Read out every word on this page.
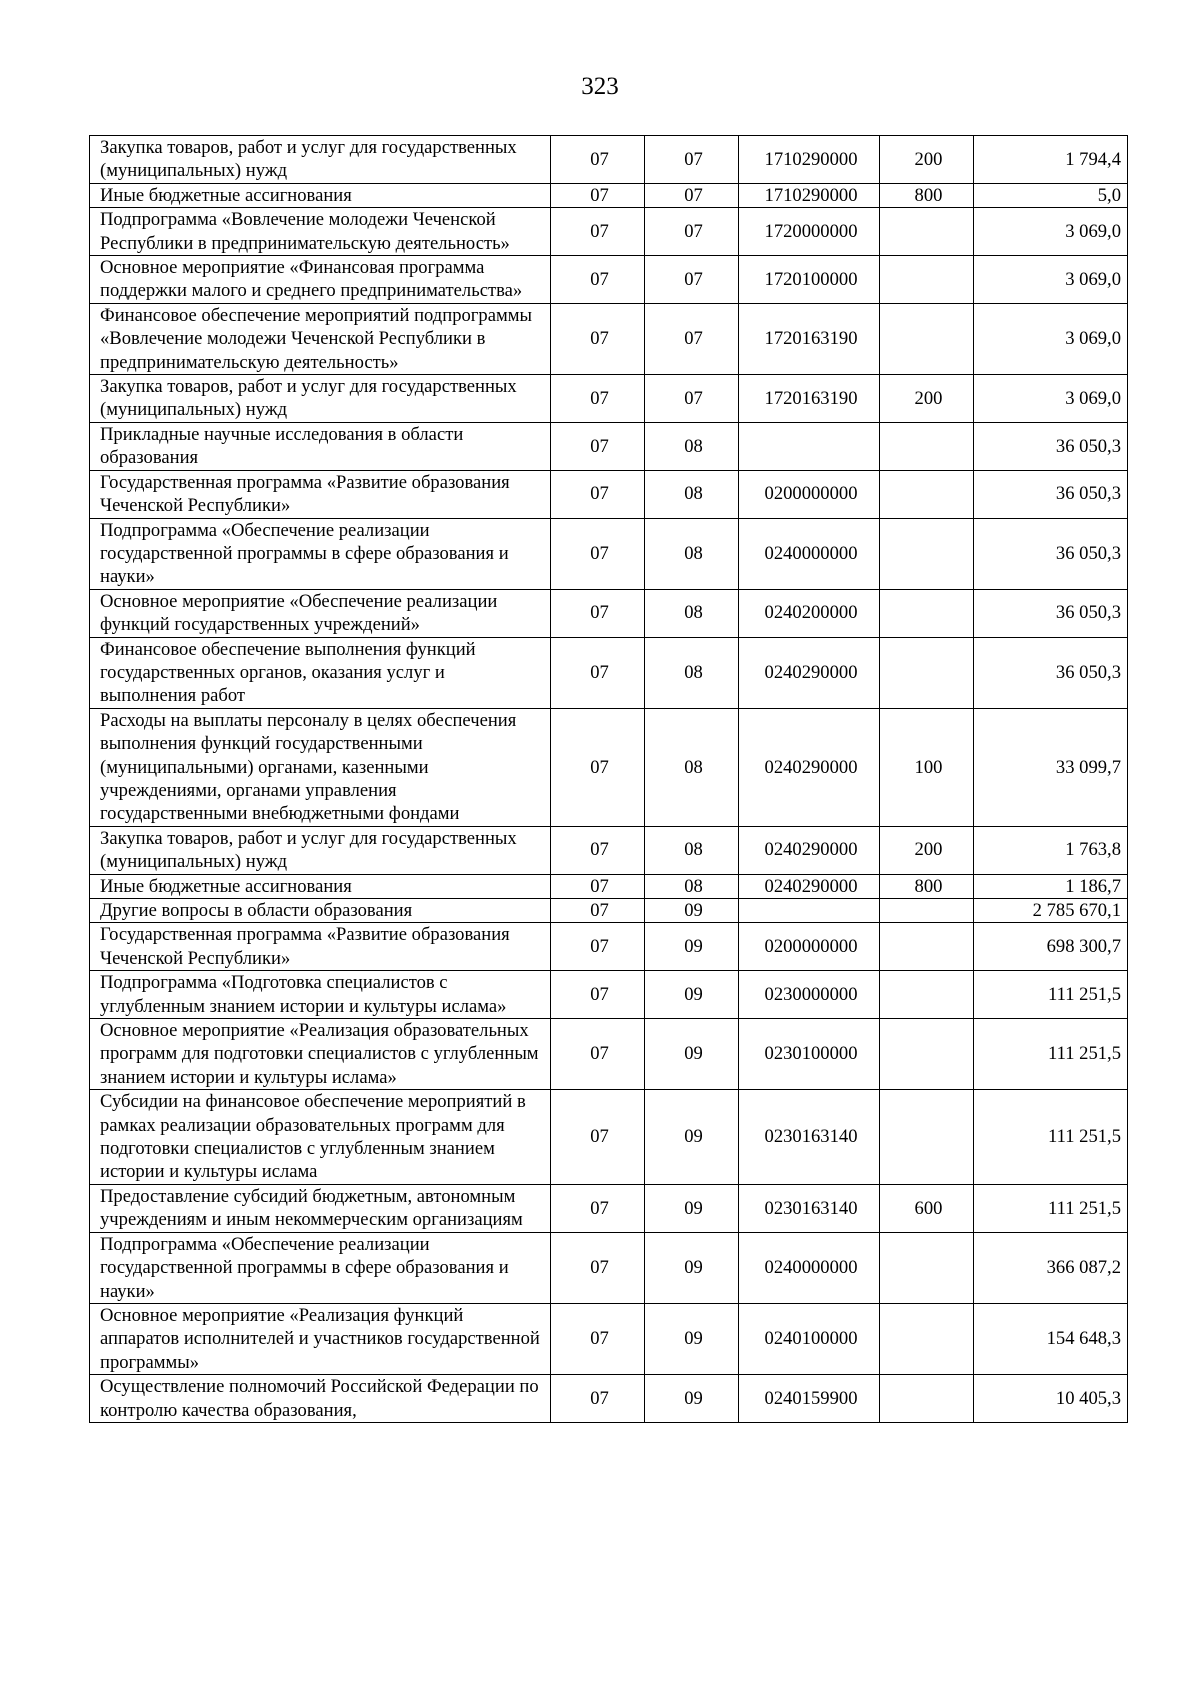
323
Закупка товаров, работ и услуг для государственных (муниципальных) нужд	07	07	1710290000	200	1 794,4
Иные бюджетные ассигнования	07	07	1710290000	800	5,0
Подпрограмма «Вовлечение молодежи Чеченской Республики в предпринимательскую деятельность»	07	07	1720000000		3 069,0
Основное мероприятие «Финансовая программа поддержки малого и среднего предпринимательства»	07	07	1720100000		3 069,0
Финансовое обеспечение мероприятий подпрограммы «Вовлечение молодежи Чеченской Республики в предпринимательскую деятельность»	07	07	1720163190		3 069,0
Закупка товаров, работ и услуг для государственных (муниципальных) нужд	07	07	1720163190	200	3 069,0
Прикладные научные исследования в области образования	07	08			36 050,3
Государственная программа «Развитие образования Чеченской Республики»	07	08	0200000000		36 050,3
Подпрограмма «Обеспечение реализации государственной программы в сфере образования и науки»	07	08	0240000000		36 050,3
Основное мероприятие «Обеспечение реализации функций государственных учреждений»	07	08	0240200000		36 050,3
Финансовое обеспечение выполнения функций государственных органов, оказания услуг и выполнения работ	07	08	0240290000		36 050,3
Расходы на выплаты персоналу в целях обеспечения выполнения функций государственными (муниципальными) органами, казенными учреждениями, органами управления государственными внебюджетными фондами	07	08	0240290000	100	33 099,7
Закупка товаров, работ и услуг для государственных (муниципальных) нужд	07	08	0240290000	200	1 763,8
Иные бюджетные ассигнования	07	08	0240290000	800	1 186,7
Другие вопросы в области образования	07	09			2 785 670,1
Государственная программа «Развитие образования Чеченской Республики»	07	09	0200000000		698 300,7
Подпрограмма «Подготовка специалистов с углубленным знанием истории и культуры ислама»	07	09	0230000000		111 251,5
Основное мероприятие «Реализация образовательных программ для подготовки специалистов с углубленным знанием истории и культуры ислама»	07	09	0230100000		111 251,5
Субсидии на финансовое обеспечение мероприятий в рамках реализации образовательных программ для подготовки специалистов с углубленным знанием истории и культуры ислама	07	09	0230163140		111 251,5
Предоставление субсидий бюджетным, автономным учреждениям и иным некоммерческим организациям	07	09	0230163140	600	111 251,5
Подпрограмма «Обеспечение реализации государственной программы в сфере образования и науки»	07	09	0240000000		366 087,2
Основное мероприятие «Реализация функций аппаратов исполнителей и участников государственной программы»	07	09	0240100000		154 648,3
Осуществление полномочий Российской Федерации по контролю качества образования,	07	09	0240159900		10 405,3
